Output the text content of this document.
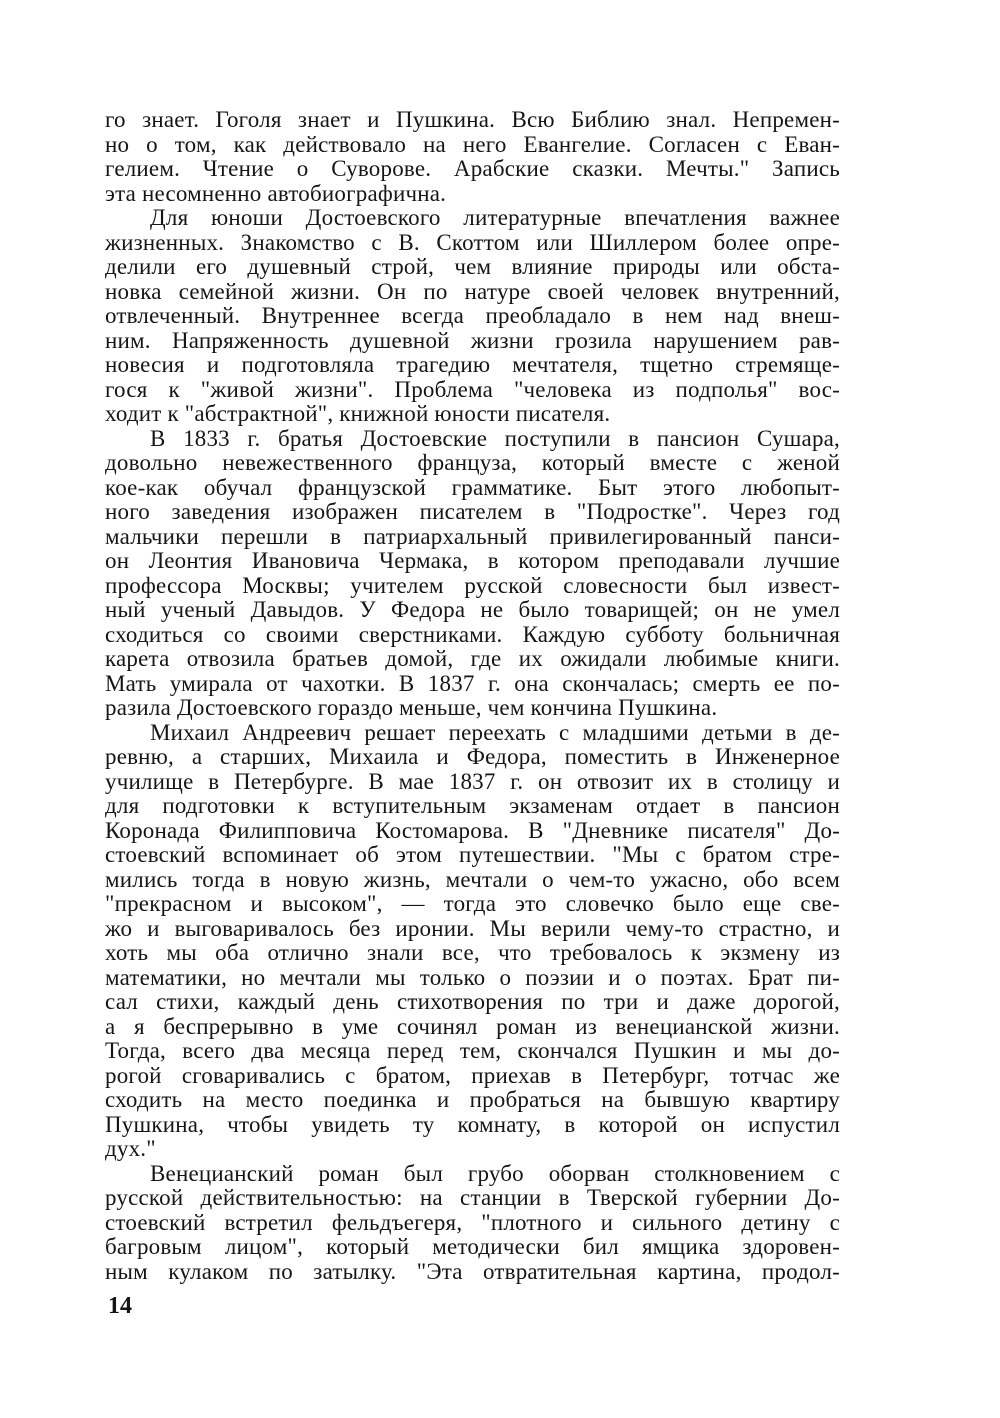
го знает. Гоголя знает и Пушкина. Всю Библию знал. Непремен-
но о том, как действовало на него Евангелие. Согласен с Еван-
гелием. Чтение о Суворове. Арабские сказки. Мечты." Запись
эта несомненно автобиографична.
Для юноши Достоевского литературные впечатления важнее
жизненных. Знакомство с В. Скоттом или Шиллером более опре-
делили его душевный строй, чем влияние природы или обста-
новка семейной жизни. Он по натуре своей человек внутренний,
отвлеченный. Внутреннее всегда преобладало в нем над внеш-
ним. Напряженность душевной жизни грозила нарушением рав-
новесия и подготовляла трагедию мечтателя, тщетно стремяще-
гося к "живой жизни". Проблема "человека из подполья" вос-
ходит к "абстрактной", книжной юности писателя.
В 1833 г. братья Достоевские поступили в пансион Сушара,
довольно невежественного француза, который вместе с женой
кое-как обучал французской грамматике. Быт этого любопыт-
ного заведения изображен писателем в "Подростке". Через год
мальчики перешли в патриархальный привилегированный панси-
он Леонтия Ивановича Чермака, в котором преподавали лучшие
профессора Москвы; учителем русской словесности был извест-
ный ученый Давыдов. У Федора не было товарищей; он не умел
сходиться со своими сверстниками. Каждую субботу больничная
карета отвозила братьев домой, где их ожидали любимые книги.
Мать умирала от чахотки. В 1837 г. она скончалась; смерть ее по-
разила Достоевского гораздо меньше, чем кончина Пушкина.
Михаил Андреевич решает переехать с младшими детьми в де-
ревню, а старших, Михаила и Федора, поместить в Инженерное
училище в Петербурге. В мае 1837 г. он отвозит их в столицу и
для подготовки к вступительным экзаменам отдает в пансион
Коронада Филипповича Костомарова. В "Дневнике писателя" До-
стоевский вспоминает об этом путешествии. "Мы с братом стре-
мились тогда в новую жизнь, мечтали о чем-то ужасно, обо всем
"прекрасном и высоком", — тогда это словечко было еще све-
жо и выговаривалось без иронии. Мы верили чему-то страстно, и
хоть мы оба отлично знали все, что требовалось к экзмену из
математики, но мечтали мы только о поэзии и о поэтах. Брат пи-
сал стихи, каждый день стихотворения по три и даже дорогой,
а я беспрерывно в уме сочинял роман из венецианской жизни.
Тогда, всего два месяца перед тем, скончался Пушкин и мы до-
рогой сговаривались с братом, приехав в Петербург, тотчас же
сходить на место поединка и пробраться на бывшую квартиру
Пушкина, чтобы увидеть ту комнату, в которой он испустил
дух."
Венецианский роман был грубо оборван столкновением с
русской действительностью: на станции в Тверской губернии До-
стоевский встретил фельдъегеря, "плотного и сильного детину с
багровым лицом", который методически бил ямщика здоровен-
ным кулаком по затылку. "Эта отвратительная картина, продол-
14
